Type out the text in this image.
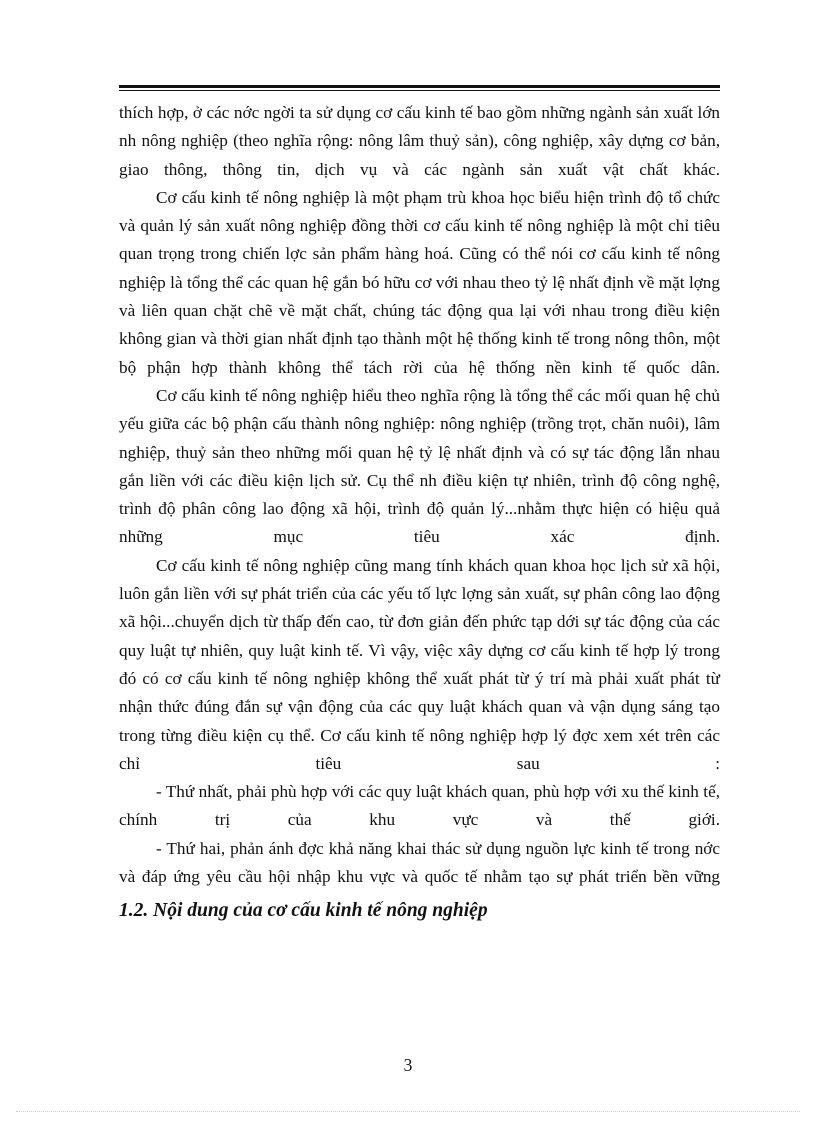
thích hợp, ở các nớc ngời ta sử dụng cơ cấu kinh tế bao gồm những ngành sản xuất lớn nh nông nghiệp (theo nghĩa rộng: nông lâm thuỷ sản), công nghiệp, xây dựng cơ bản, giao thông, thông tin, dịch vụ và các ngành sản xuất vật chất khác.

Cơ cấu kinh tế nông nghiệp là một phạm trù khoa học biểu hiện trình độ tổ chức và quản lý sản xuất nông nghiệp đồng thời cơ cấu kinh tế nông nghiệp là một chỉ tiêu quan trọng trong chiến lợc sản phẩm hàng hoá. Cũng có thể nói cơ cấu kinh tế nông nghiệp là tổng thể các quan hệ gắn bó hữu cơ với nhau theo tỷ lệ nhất định về mặt lợng và liên quan chặt chẽ về mặt chất, chúng tác động qua lại với nhau trong điều kiện không gian và thời gian nhất định tạo thành một hệ thống kinh tế trong nông thôn, một bộ phận hợp thành không thể tách rời của hệ thống nền kinh tế quốc dân.

Cơ cấu kinh tế nông nghiệp hiểu theo nghĩa rộng là tổng thể các mối quan hệ chủ yếu giữa các bộ phận cấu thành nông nghiệp: nông nghiệp (trồng trọt, chăn nuôi), lâm nghiệp, thuỷ sản theo những mối quan hệ tỷ lệ nhất định và có sự tác động lẫn nhau gắn liền với các điều kiện lịch sử. Cụ thể nh điều kiện tự nhiên, trình độ công nghệ, trình độ phân công lao động xã hội, trình độ quản lý...nhằm thực hiện có hiệu quả những mục tiêu xác định.

Cơ cấu kinh tế nông nghiệp cũng mang tính khách quan khoa học lịch sử xã hội, luôn gắn liền với sự phát triển của các yếu tố lực lợng sản xuất, sự phân công lao động xã hội...chuyển dịch từ thấp đến cao, từ đơn giản đến phức tạp dới sự tác động của các quy luật tự nhiên, quy luật kinh tế. Vì vậy, việc xây dựng cơ cấu kinh tế hợp lý trong đó có cơ cấu kinh tế nông nghiệp không thể xuất phát từ ý trí mà phải xuất phát từ nhận thức đúng đắn sự vận động của các quy luật khách quan và vận dụng sáng tạo trong từng điều kiện cụ thể. Cơ cấu kinh tế nông nghiệp hợp lý đợc xem xét trên các chỉ tiêu sau :

- Thứ nhất, phải phù hợp với các quy luật khách quan, phù hợp với xu thế kinh tế, chính trị của khu vực và thế giới.

- Thứ hai, phản ánh đợc khả năng khai thác sử dụng nguồn lực kinh tế trong nớc và đáp ứng yêu cầu hội nhập khu vực và quốc tế nhằm tạo sự phát triển bền vững

1.2. Nội dung của cơ cấu kinh tế nông nghiệp

3
